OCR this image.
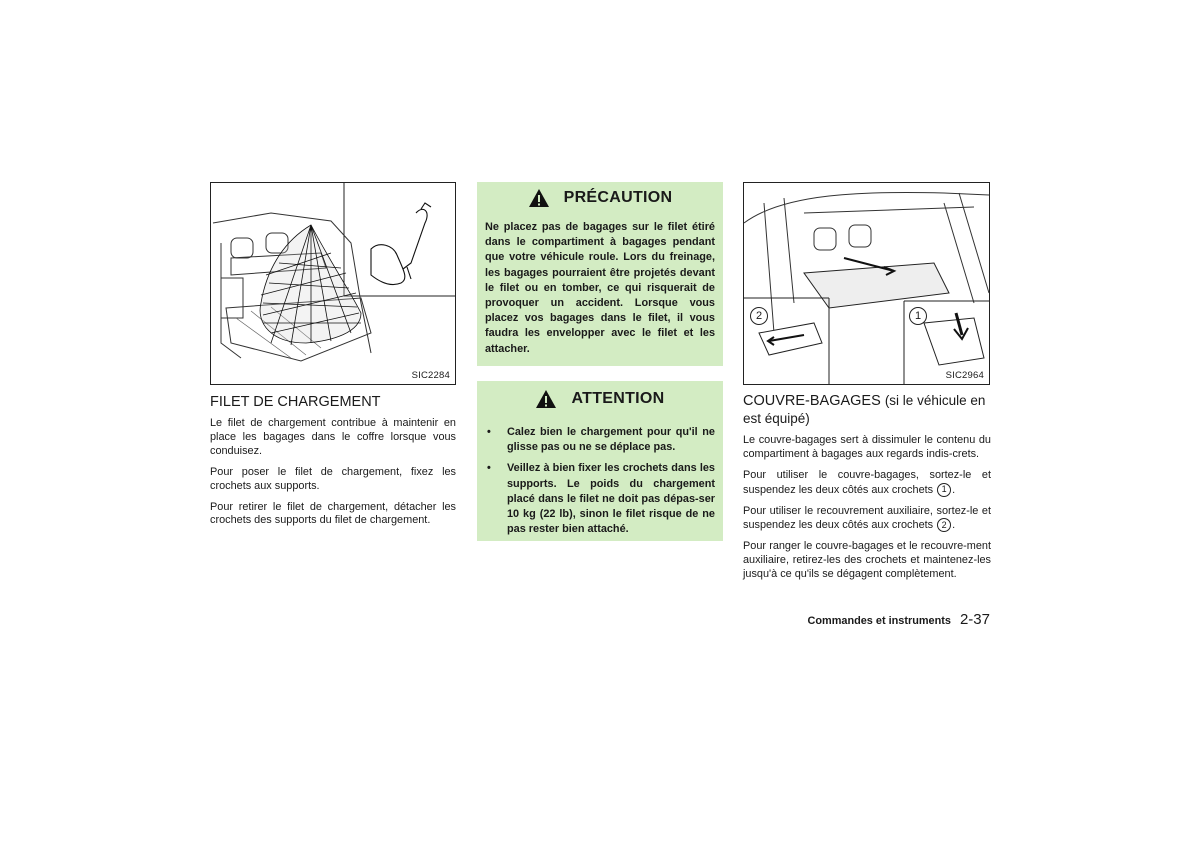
SIC2284
FILET DE CHARGEMENT

Le filet de chargement contribue à maintenir en place les bagages dans le coffre lorsque vous conduisez.

Pour poser le filet de chargement, fixez les crochets aux supports.

Pour retirer le filet de chargement, détacher les crochets des supports du filet de chargement.

PRÉCAUTION
Ne placez pas de bagages sur le filet étiré dans le compartiment à bagages pendant que votre véhicule roule. Lors du freinage, les bagages pourraient être projetés devant le filet ou en tomber, ce qui risquerait de provoquer un accident. Lorsque vous placez vos bagages dans le filet, il vous faudra les envelopper avec le filet et les attacher.
ATTENTION
•	Calez bien le chargement pour qu'il ne glisse pas ou ne se déplace pas.
•	Veillez à bien fixer les crochets dans les supports. Le poids du chargement placé dans le filet ne doit pas dépas-ser 10 kg (22 lb), sinon le filet risque de ne pas rester bien attaché.
2	1
SIC2964
COUVRE-BAGAGES (si le véhicule en est équipé)

Le couvre-bagages sert à dissimuler le contenu du compartiment à bagages aux regards indis-crets.

Pour utiliser le couvre-bagages, sortez-le et suspendez les deux côtés aux crochets 1 .

Pour utiliser le recouvrement auxiliaire, sortez-le et suspendez les deux côtés aux crochets 2 .

Pour ranger le couvre-bagages et le recouvre-ment auxiliaire, retirez-les des crochets et maintenez-les jusqu'à ce qu'ils se dégagent complètement.

Commandes et instruments 2-37
